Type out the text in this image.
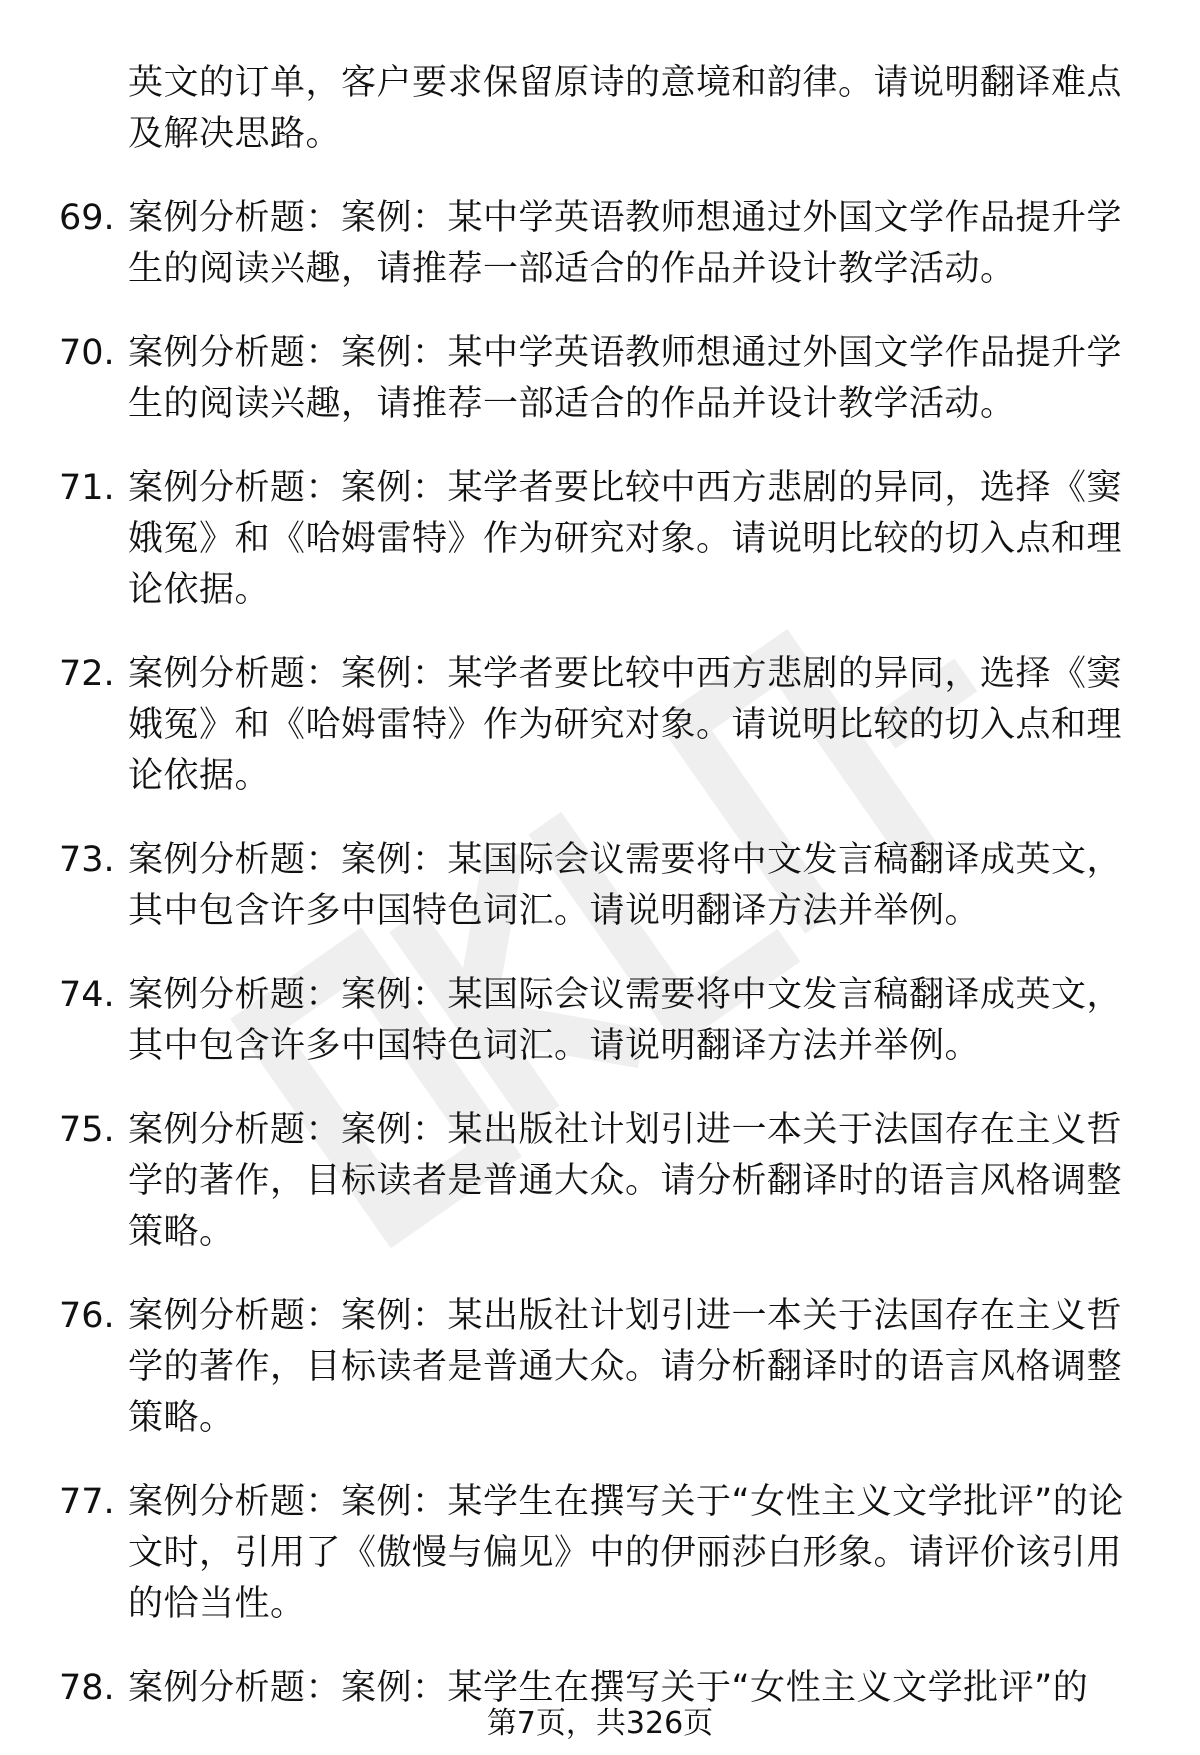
英文的订单，客户要求保留原诗的意境和韵律。请说明翻译难点及解决思路。
69. 案例分析题：案例：某中学英语教师想通过外国文学作品提升学生的阅读兴趣，请推荐一部适合的作品并设计教学活动。
70. 案例分析题：案例：某中学英语教师想通过外国文学作品提升学生的阅读兴趣，请推荐一部适合的作品并设计教学活动。
71. 案例分析题：案例：某学者要比较中西方悲剧的异同，选择《窦娥冤》和《哈姆雷特》作为研究对象。请说明比较的切入点和理论依据。
72. 案例分析题：案例：某学者要比较中西方悲剧的异同，选择《窦娥冤》和《哈姆雷特》作为研究对象。请说明比较的切入点和理论依据。
73. 案例分析题：案例：某国际会议需要将中文发言稿翻译成英文，其中包含许多中国特色词汇。请说明翻译方法并举例。
74. 案例分析题：案例：某国际会议需要将中文发言稿翻译成英文，其中包含许多中国特色词汇。请说明翻译方法并举例。
75. 案例分析题：案例：某出版社计划引进一本关于法国存在主义哲学的著作，目标读者是普通大众。请分析翻译时的语言风格调整策略。
76. 案例分析题：案例：某出版社计划引进一本关于法国存在主义哲学的著作，目标读者是普通大众。请分析翻译时的语言风格调整策略。
77. 案例分析题：案例：某学生在撰写关于“女性主义文学批评”的论文时，引用了《傲慢与偏见》中的伊丽莎白形象。请评价该引用的恰当性。
78. 案例分析题：案例：某学生在撰写关于“女性主义文学批评”的
第7页，共326页
